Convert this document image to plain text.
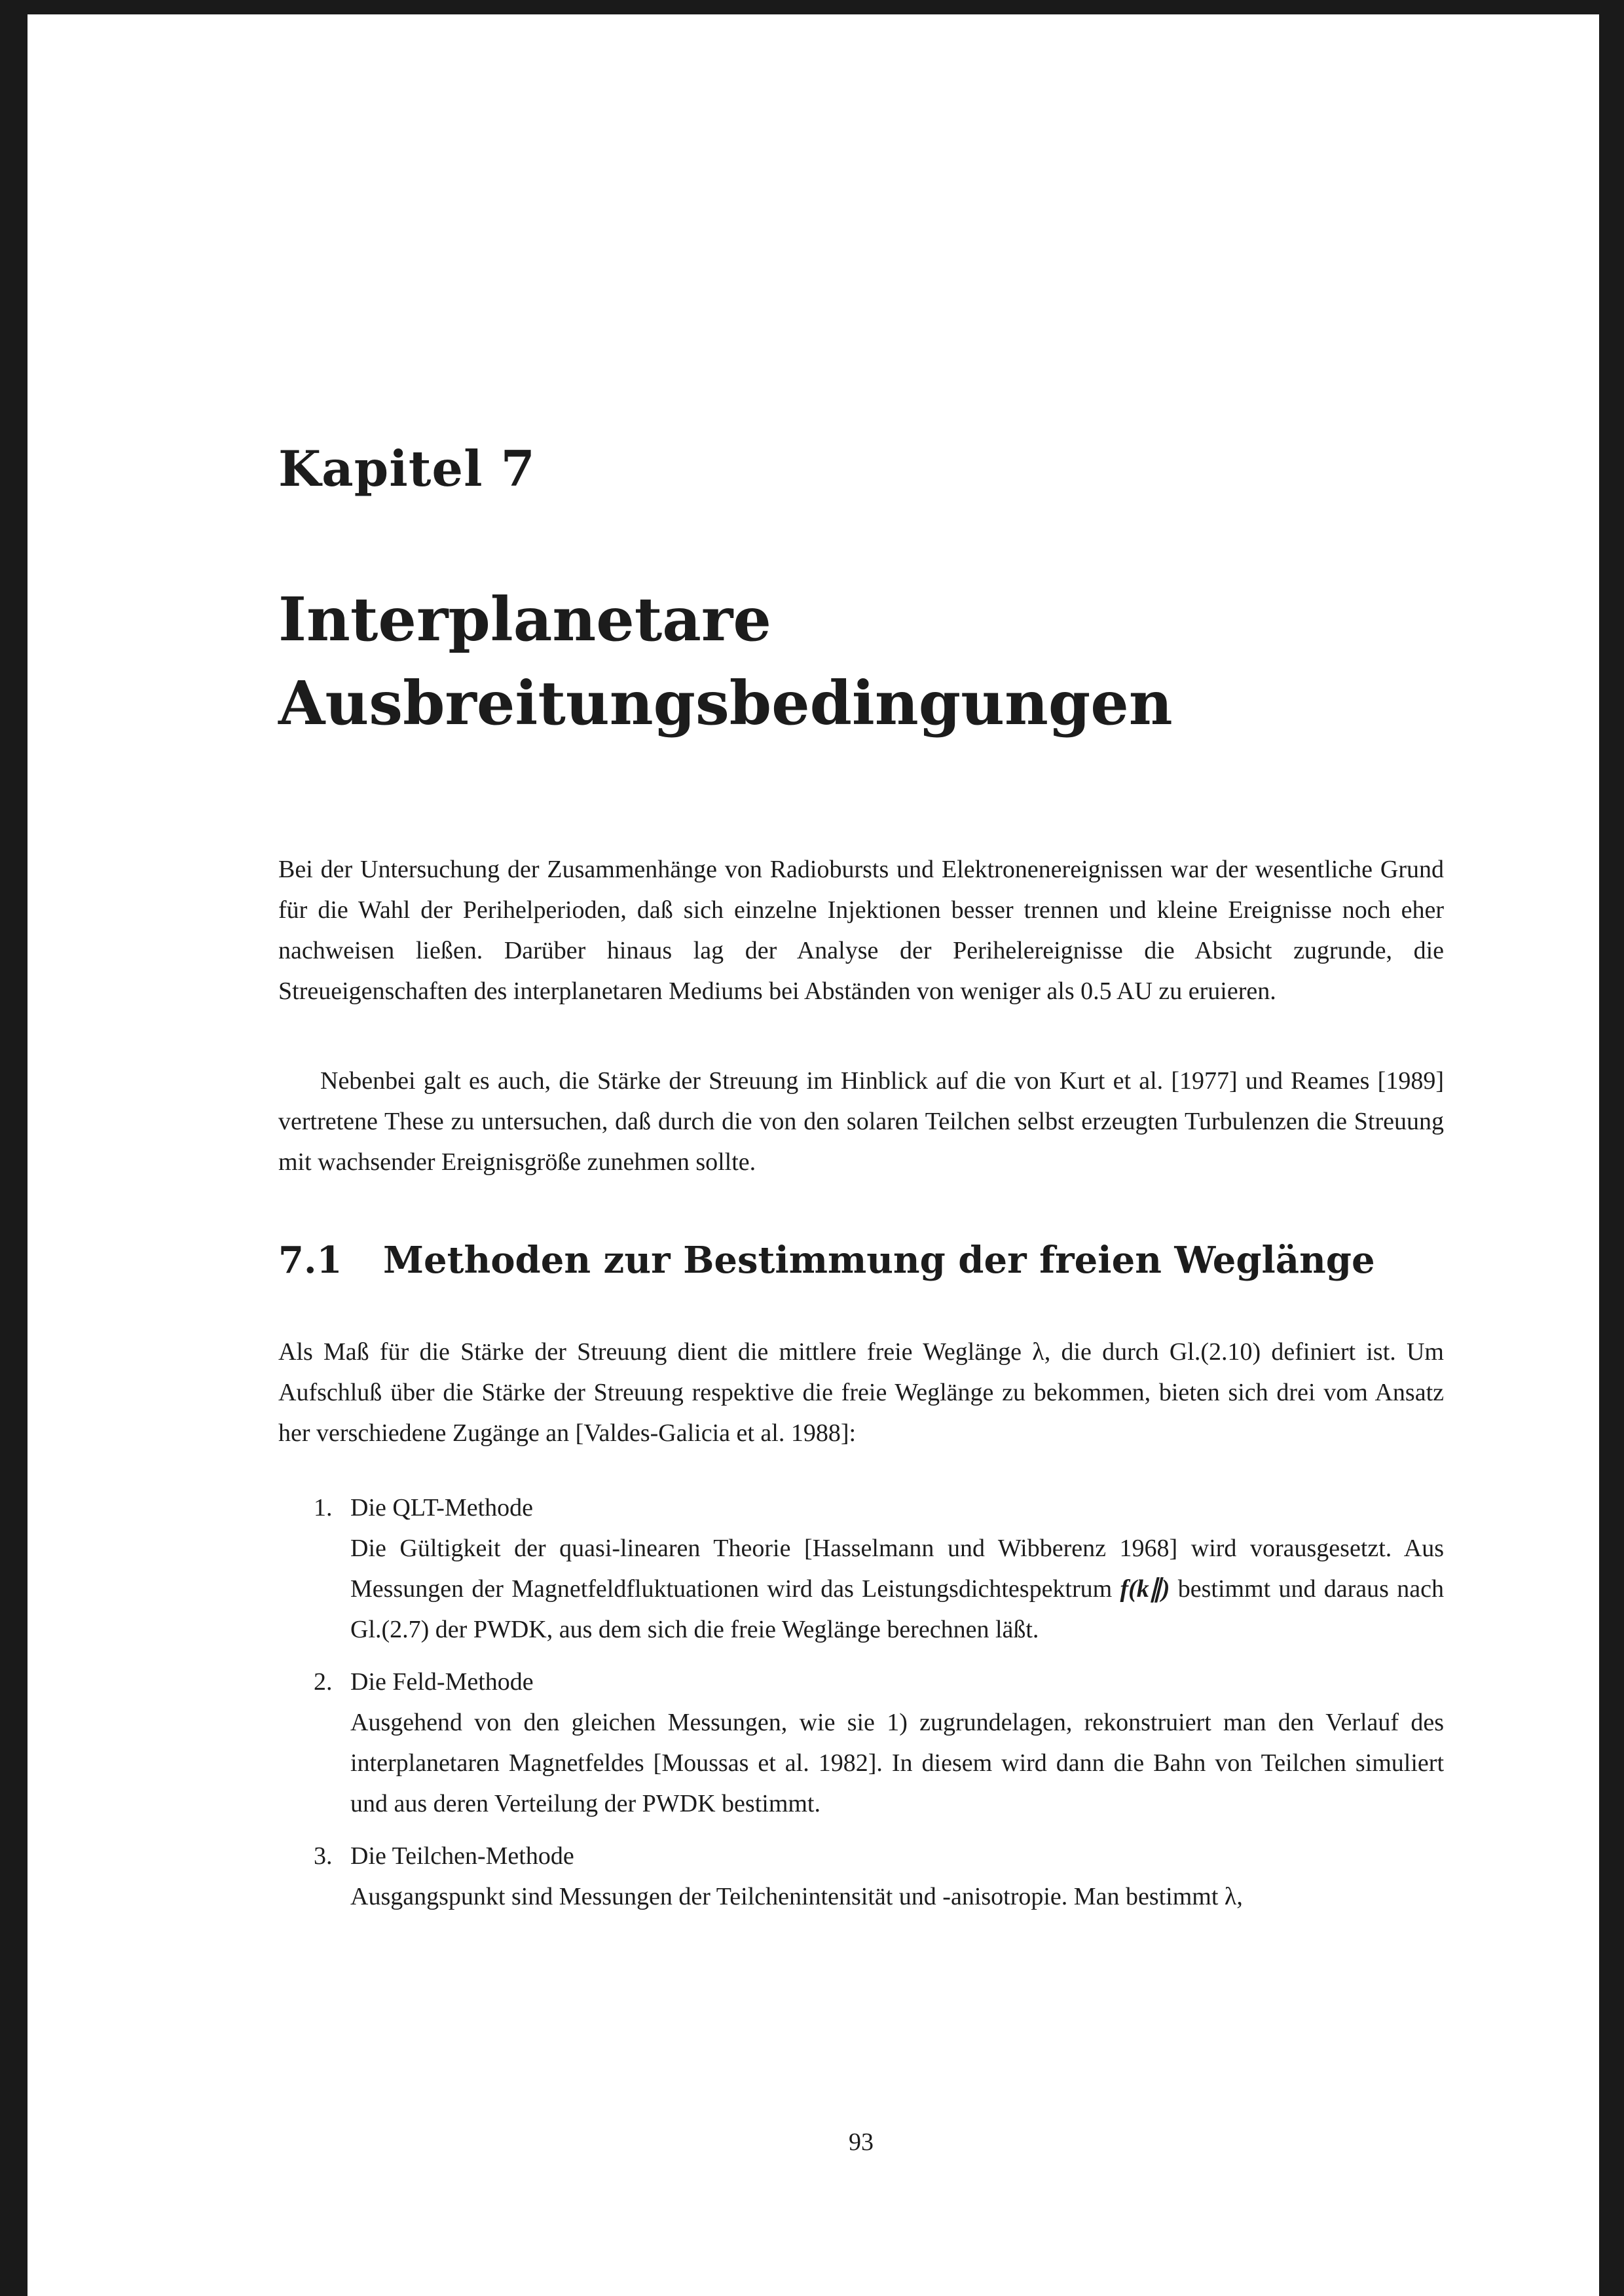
Kapitel 7
Interplanetare Ausbreitungsbedingungen

Bei der Untersuchung der Zusammenhänge von Radiobursts und Elektronenereignissen war der wesentliche Grund für die Wahl der Perihelperioden, daß sich einzelne Injektionen besser trennen und kleine Ereignisse noch eher nachweisen ließen. Darüber hinaus lag der Analyse der Perihelereignisse die Absicht zugrunde, die Streueigenschaften des interplanetaren Mediums bei Abständen von weniger als 0.5 AU zu eruieren.

Nebenbei galt es auch, die Stärke der Streuung im Hinblick auf die von Kurt et al. [1977] und Reames [1989] vertretene These zu untersuchen, daß durch die von den solaren Teilchen selbst erzeugten Turbulenzen die Streuung mit wachsender Ereignisgröße zunehmen sollte.

7.1 Methoden zur Bestimmung der freien Weglänge

Als Maß für die Stärke der Streuung dient die mittlere freie Weglänge λ, die durch Gl.(2.10) definiert ist. Um Aufschluß über die Stärke der Streuung respektive die freie Weglänge zu bekommen, bieten sich drei vom Ansatz her verschiedene Zugänge an [Valdes-Galicia et al. 1988]:

1. Die QLT-Methode

Die Gültigkeit der quasi-linearen Theorie [Hasselmann und Wibberenz 1968] wird vorausgesetzt. Aus Messungen der Magnetfeldfluktuationen wird das Leistungsdichtespektrum f(k∥) bestimmt und daraus nach Gl.(2.7) der PWDK, aus dem sich die freie Weglänge berechnen läßt.

2. Die Feld-Methode

Ausgehend von den gleichen Messungen, wie sie 1) zugrundelagen, rekonstruiert man den Verlauf des interplanetaren Magnetfeldes [Moussas et al. 1982]. In diesem wird dann die Bahn von Teilchen simuliert und aus deren Verteilung der PWDK bestimmt.

3. Die Teilchen-Methode

Ausgangspunkt sind Messungen der Teilchenintensität und -anisotropie. Man bestimmt λ,

93
